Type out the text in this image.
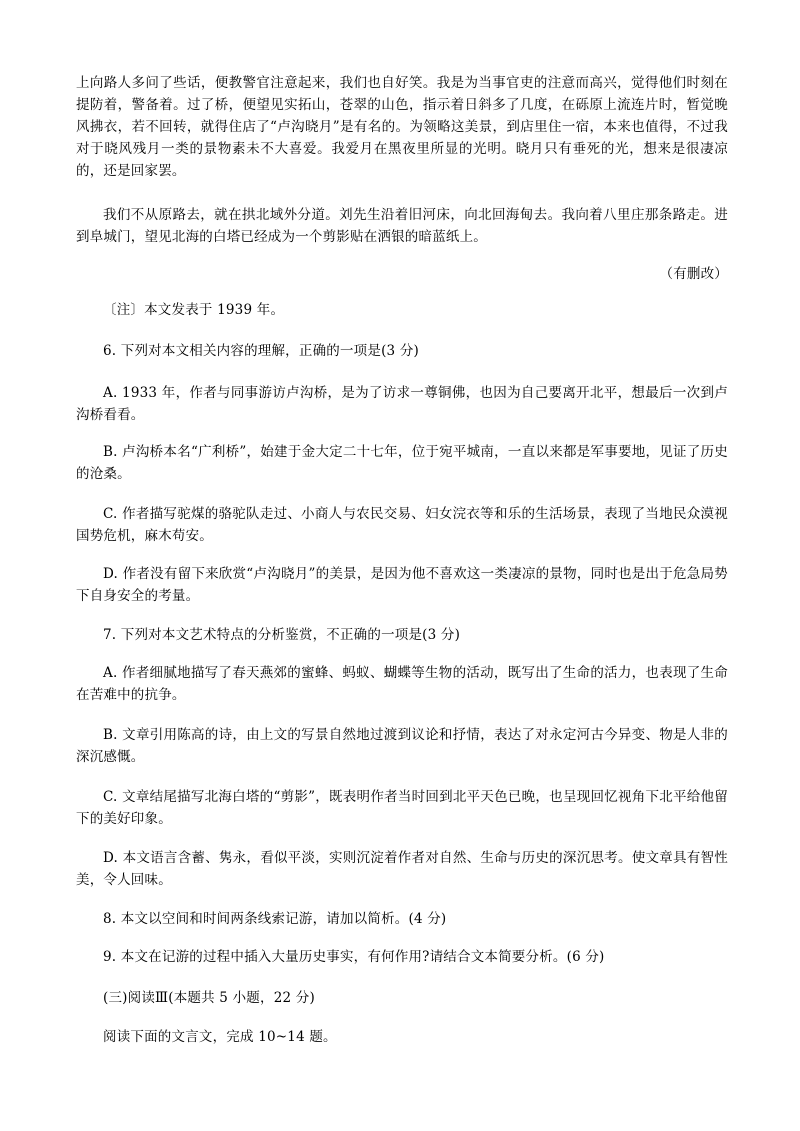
上向路人多问了些话，便教警官注意起来，我们也自好笑。我是为当事官吏的注意而高兴，觉得他们时刻在提防着，警备着。过了桥，便望见实拓山，苍翠的山色，指示着日斜多了几度，在砾原上流连片时，暂觉晚风拂衣，若不回转，就得住店了“卢沟晓月”是有名的。为领略这美景，到店里住一宿，本来也值得，不过我对于晓风残月一类的景物素未不大喜爱。我爱月在黑夜里所显的光明。晓月只有垂死的光，想来是很凄凉的，还是回家罢。

我们不从原路去，就在拱北域外分道。刘先生沿着旧河床，向北回海甸去。我向着八里庄那条路走。进到阜城门，望见北海的白塔已经成为一个剪影贴在洒银的暗蓝纸上。

（有删改）

〔注〕本文发表于 1939 年。

6. 下列对本文相关内容的理解，正确的一项是(3 分)

A. 1933 年，作者与同事游访卢沟桥，是为了访求一尊铜佛，也因为自己要离开北平，想最后一次到卢沟桥看看。

B. 卢沟桥本名“广利桥”，始建于金大定二十七年，位于宛平城南，一直以来都是军事要地，见证了历史的沧桑。

C. 作者描写驼煤的骆驼队走过、小商人与农民交易、妇女浣衣等和乐的生活场景，表现了当地民众漠视国势危机，麻木苟安。

D. 作者没有留下来欣赏“卢沟晓月”的美景，是因为他不喜欢这一类凄凉的景物，同时也是出于危急局势下自身安全的考量。

7. 下列对本文艺术特点的分析鉴赏，不正确的一项是(3 分)

A. 作者细腻地描写了春天燕郊的蜜蜂、蚂蚁、蝴蝶等生物的活动，既写出了生命的活力，也表现了生命在苦难中的抗争。

B. 文章引用陈高的诗，由上文的写景自然地过渡到议论和抒情，表达了对永定河古今异变、物是人非的深沉感慨。

C. 文章结尾描写北海白塔的“剪影”，既表明作者当时回到北平天色已晚，也呈现回忆视角下北平给他留下的美好印象。

D. 本文语言含蓄、隽永，看似平淡，实则沉淀着作者对自然、生命与历史的深沉思考。使文章具有智性美，令人回味。

8. 本文以空间和时间两条线索记游，请加以简析。(4 分)

9. 本文在记游的过程中插入大量历史事实，有何作用?请结合文本简要分析。(6 分)

(三)阅读Ⅲ(本题共 5 小题，22 分)

阅读下面的文言文，完成 10~14 题。
